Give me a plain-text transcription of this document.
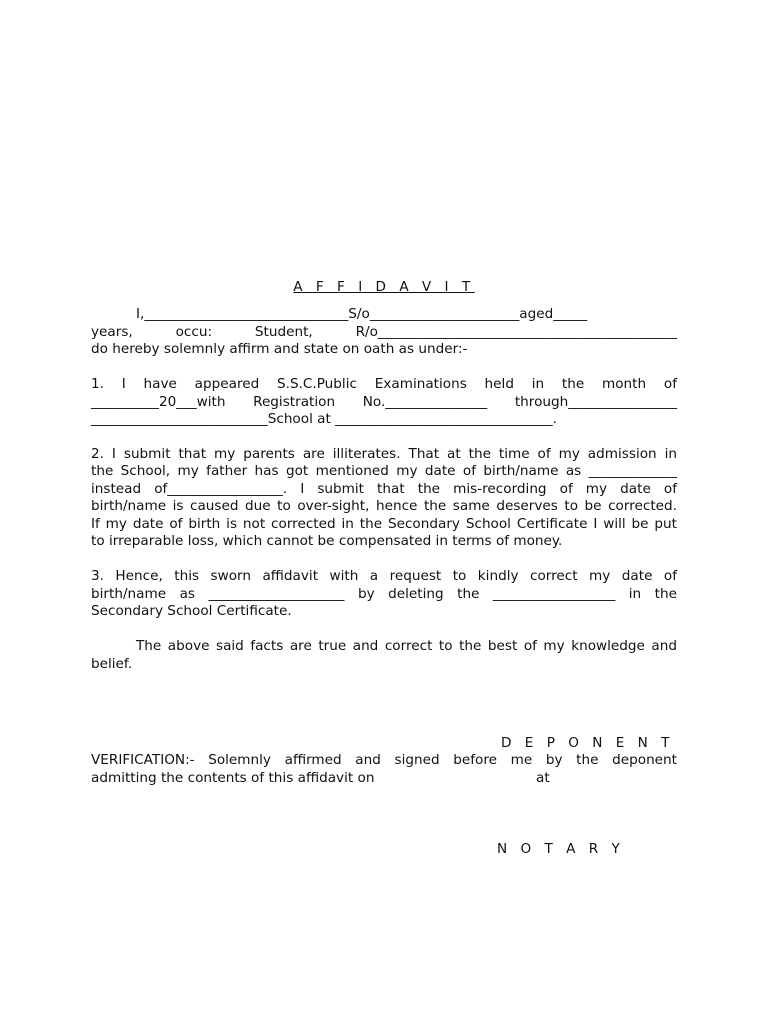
A F F I D A V I T

I,______________________________S/o______________________aged_____

years, occu: Student, R/o____________________________________________

do hereby solemnly affirm and state on oath as under:-

1. I have appeared S.S.C.Public Examinations held in the month of

__________20___with Registration No._______________ through________________

__________________________School at ________________________________.

2. I submit that my parents are illiterates. That at the time of my admission in

the School, my father has got mentioned my date of birth/name as _____________

instead of_________________. I submit that the mis-recording of my date of

birth/name is caused due to over-sight, hence the same deserves to be corrected.

If my date of birth is not corrected in the Secondary School Certificate I will be put

to irreparable loss, which cannot be compensated in terms of money.

3. Hence, this sworn affidavit with a request to kindly correct my date of

birth/name as ____________________ by deleting the __________________ in the

Secondary School Certificate.

The above said facts are true and correct to the best of my knowledge and

belief.

D E P O N E N T

VERIFICATION:- Solemnly affirmed and signed before me by the deponent

admitting the contents of this affidavit on	at
N O T A R Y
